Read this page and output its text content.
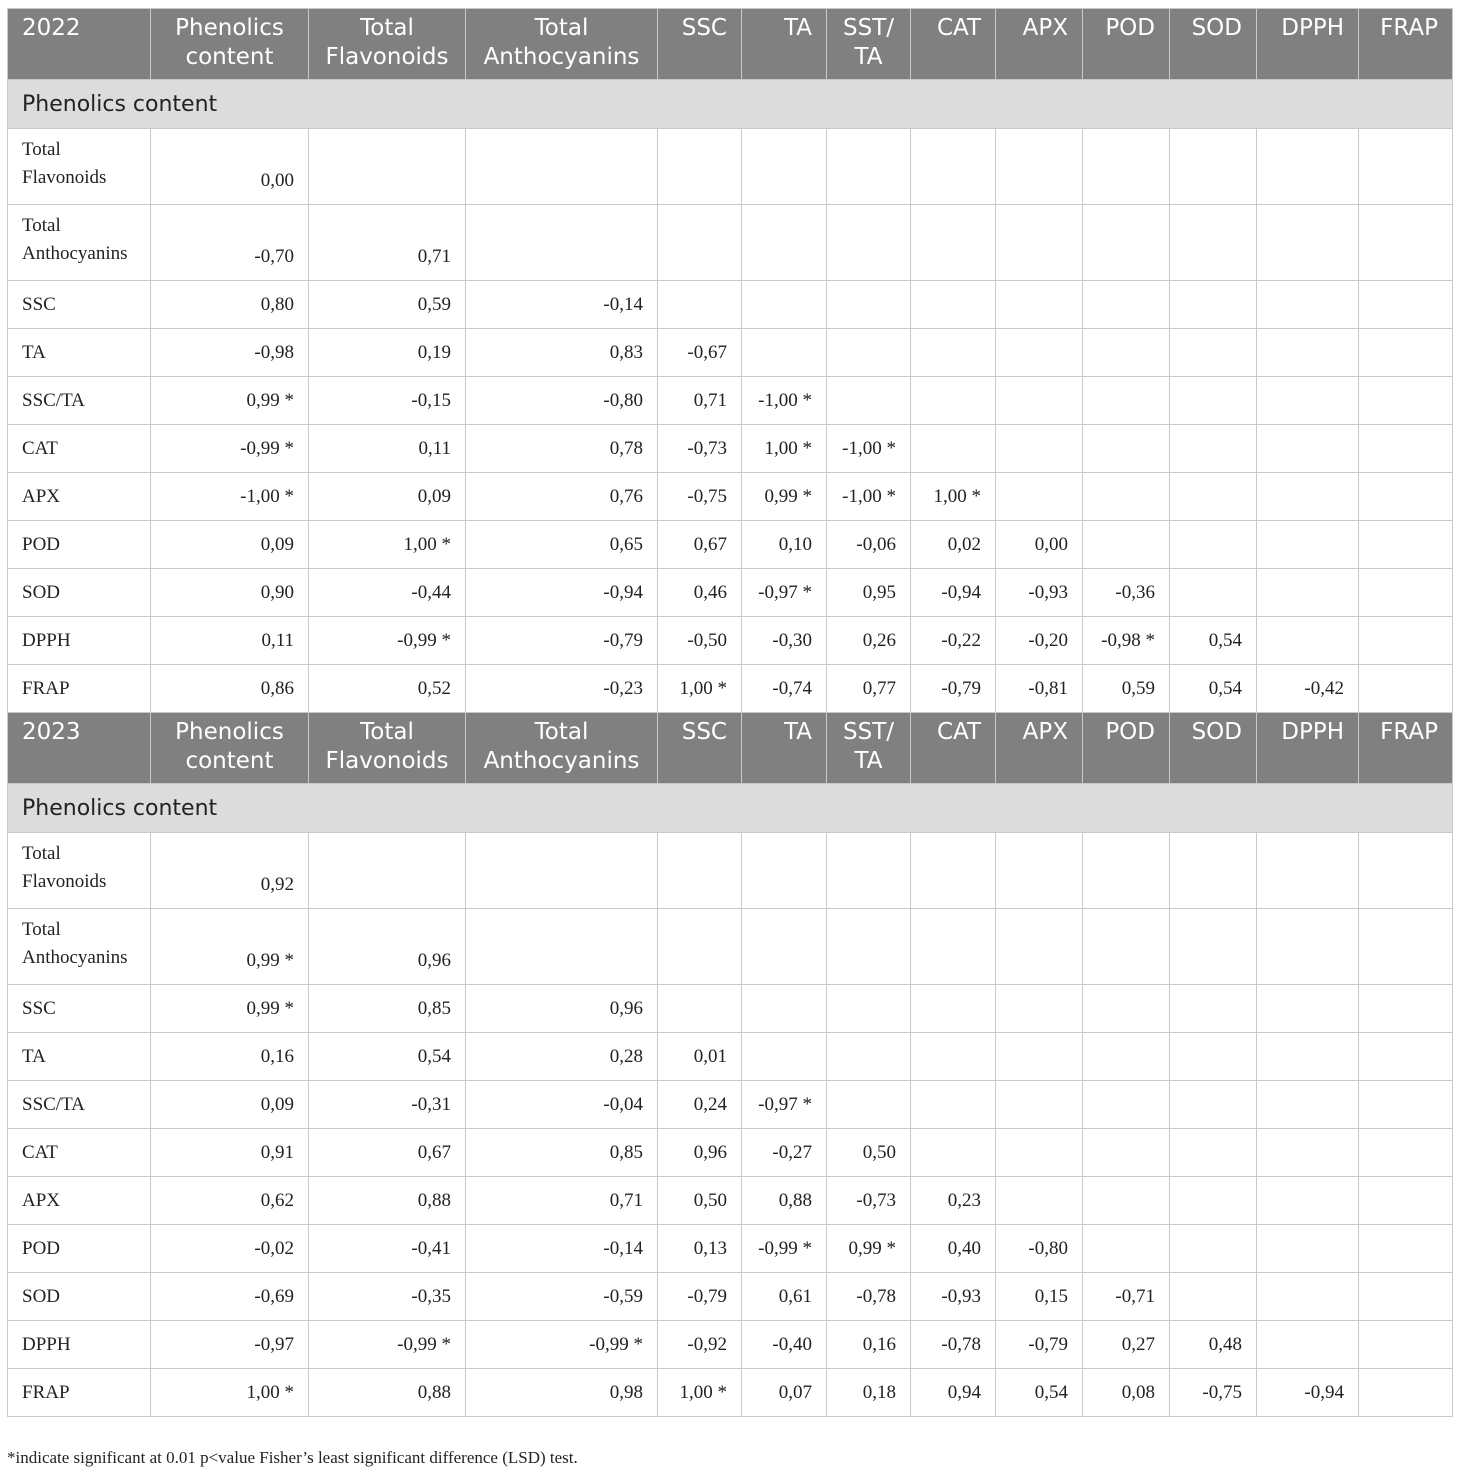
2022	Phenolics content	Total Flavonoids	Total Anthocyanins	SSC	TA	SST/ TA	CAT	APX	POD	SOD	DPPH	FRAP
Phenolics content												
Total Flavonoids	0,00											
Total Anthocyanins	-0,70	0,71										
SSC	0,80	0,59	-0,14									
TA	-0,98	0,19	0,83	-0,67								
SSC/TA	0,99 *	-0,15	-0,80	0,71	-1,00 *							
CAT	-0,99 *	0,11	0,78	-0,73	1,00 *	-1,00 *						
APX	-1,00 *	0,09	0,76	-0,75	0,99 *	-1,00 *	1,00 *					
POD	0,09	1,00 *	0,65	0,67	0,10	-0,06	0,02	0,00				
SOD	0,90	-0,44	-0,94	0,46	-0,97 *	0,95	-0,94	-0,93	-0,36			
DPPH	0,11	-0,99 *	-0,79	-0,50	-0,30	0,26	-0,22	-0,20	-0,98 *	0,54		
FRAP	0,86	0,52	-0,23	1,00 *	-0,74	0,77	-0,79	-0,81	0,59	0,54	-0,42	
2023	Phenolics content	Total Flavonoids	Total Anthocyanins	SSC	TA	SST/ TA	CAT	APX	POD	SOD	DPPH	FRAP
Phenolics content												
Total Flavonoids	0,92											
Total Anthocyanins	0,99 *	0,96										
SSC	0,99 *	0,85	0,96									
TA	0,16	0,54	0,28	0,01								
SSC/TA	0,09	-0,31	-0,04	0,24	-0,97 *							
CAT	0,91	0,67	0,85	0,96	-0,27	0,50						
APX	0,62	0,88	0,71	0,50	0,88	-0,73	0,23					
POD	-0,02	-0,41	-0,14	0,13	-0,99 *	0,99 *	0,40	-0,80				
SOD	-0,69	-0,35	-0,59	-0,79	0,61	-0,78	-0,93	0,15	-0,71			
DPPH	-0,97	-0,99 *	-0,99 *	-0,92	-0,40	0,16	-0,78	-0,79	0,27	0,48		
FRAP	1,00 *	0,88	0,98	1,00 *	0,07	0,18	0,94	0,54	0,08	-0,75	-0,94	
*indicate significant at 0.01 p<value Fisher’s least significant difference (LSD) test.
